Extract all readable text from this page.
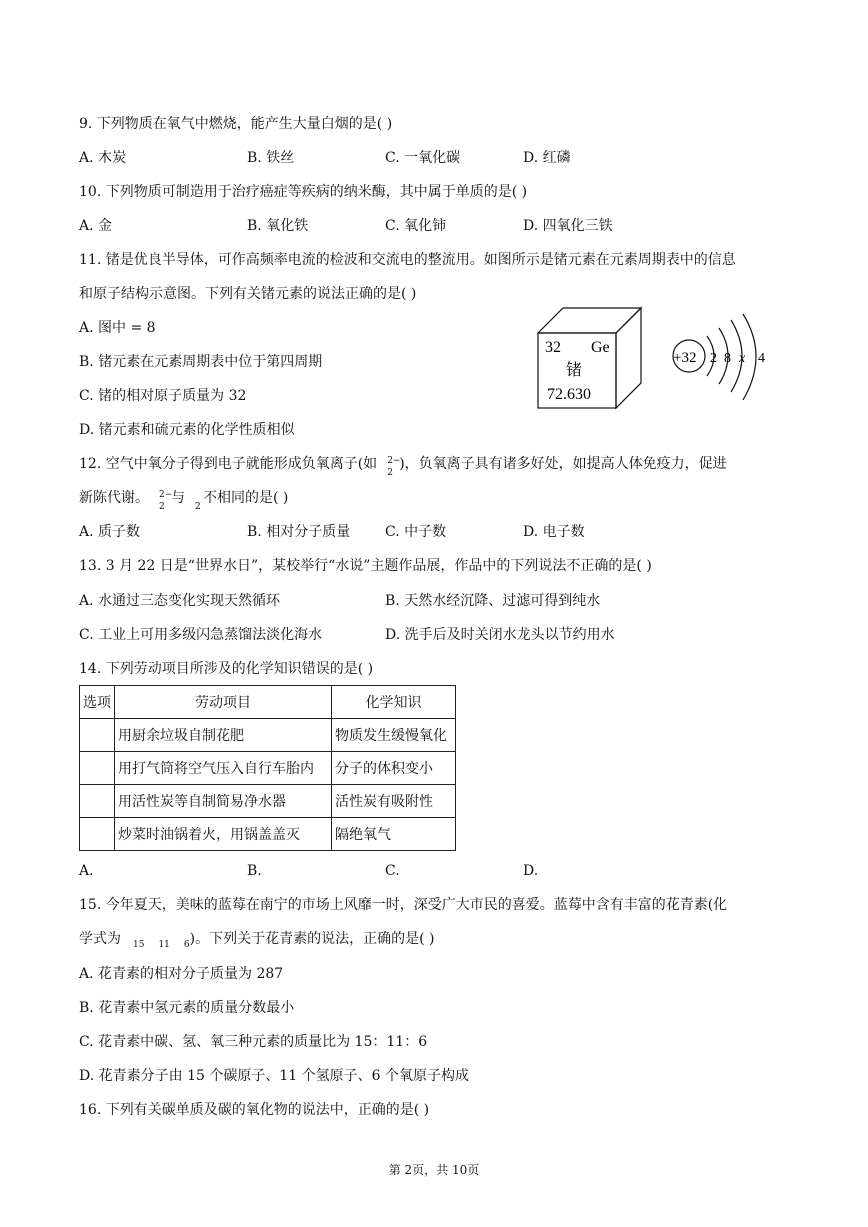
9. 下列物质在氧气中燃烧，能产生大量白烟的是( )
A. 木炭	B. 铁丝	C. 一氧化碳	D. 红磷
10. 下列物质可制造用于治疗癌症等疾病的纳米酶，其中属于单质的是( )
A. 金	B. 氧化铁	C. 氧化铈	D. 四氧化三铁
11. 锗是优良半导体，可作高频率电流的检波和交流电的整流用。如图所示是锗元素在元素周期表中的信息
和原子结构示意图。下列有关锗元素的说法正确的是( )
A. 图中 = 8
B. 锗元素在元素周期表中位于第四周期
C. 锗的相对原子质量为 32
D. 锗元素和硫元素的化学性质相似
32 Ge
锗
72.630
+32 2 8 x 4
12. 空气中氧分子得到电子就能形成负氧离子(如 2−
2
)，负氧离子具有诸多好处，如提高人体免疫力，促进
新陈代谢。 2−
2
与
2
不相同的是( )
A. 质子数	B. 相对分子质量 C. 中子数	D. 电子数
13. 3 月 22 日是“世界水日”，某校举行“水说”主题作品展，作品中的下列说法不正确的是( )
A. 水通过三态变化实现天然循环	B. 天然水经沉降、过滤可得到纯水
C. 工业上可用多级闪急蒸馏法淡化海水	D. 洗手后及时关闭水龙头以节约用水
14. 下列劳动项目所涉及的化学知识错误的是( )
选项	劳动项目	化学知识
	用厨余垃圾自制花肥	物质发生缓慢氧化
	用打气筒将空气压入自行车胎内	分子的体积变小
	用活性炭等自制简易净水器	活性炭有吸附性
	炒菜时油锅着火，用锅盖盖灭	隔绝氧气
A.	B.	C.	D.
15. 今年夏天，美味的蓝莓在南宁的市场上风靡一时，深受广大市民的喜爱。蓝莓中含有丰富的花青素(化
学式为 $_{15}$ $_{11}$ $_6$)。下列关于花青素的说法，正确的是( )
A. 花青素的相对分子质量为 287
B. 花青素中氢元素的质量分数最小
C. 花青素中碳、氢、氧三种元素的质量比为 15：11：6
D. 花青素分子由 15 个碳原子、11 个氢原子、6 个氧原子构成
16. 下列有关碳单质及碳的氧化物的说法中，正确的是( )
第 2页，共 10页
